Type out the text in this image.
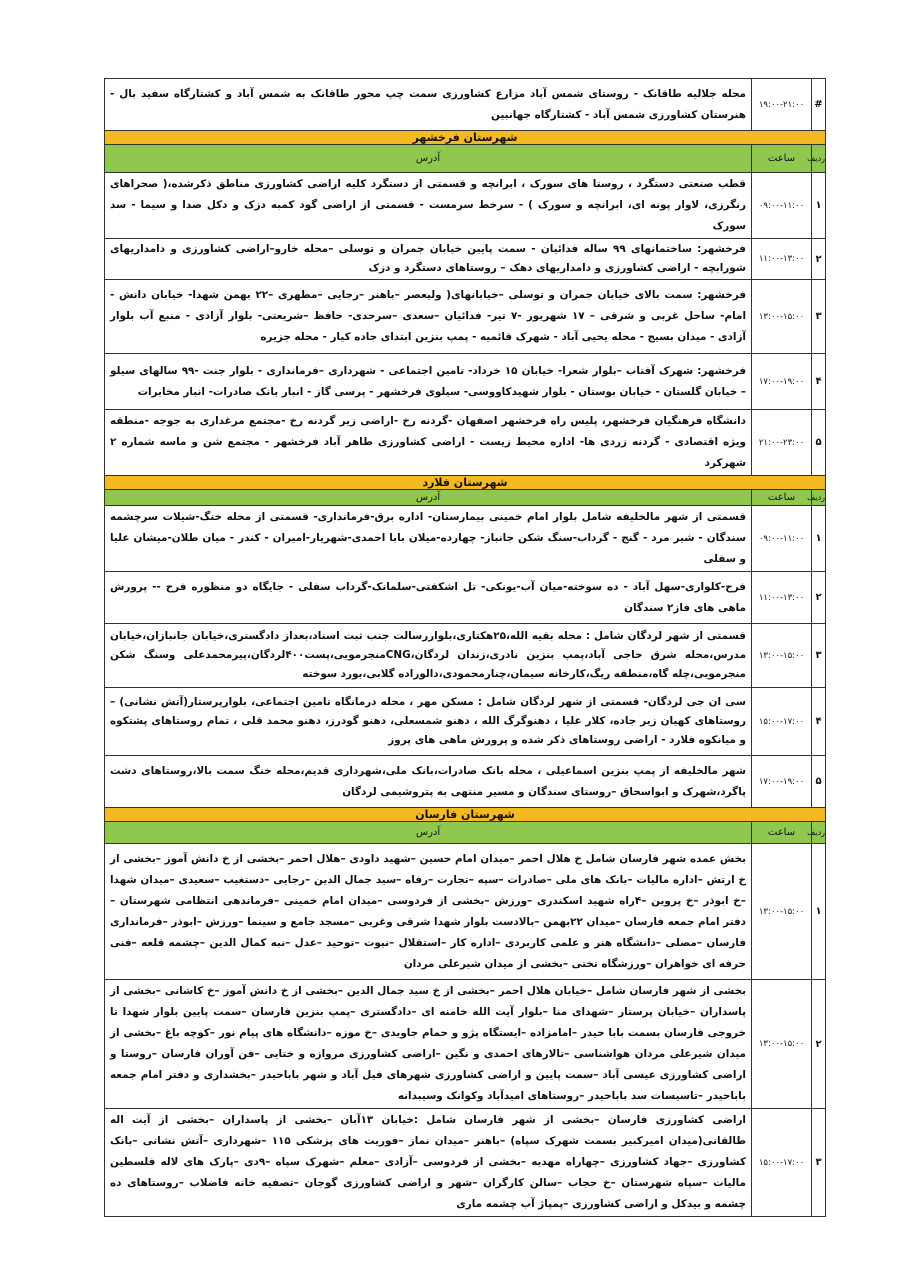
#	۱۹:۰۰-۲۱:۰۰	محله جلالیه طاقانک - روستای شمس آباد مزارع کشاورزی سمت چپ محور طاقانک به شمس آباد و کشتارگاه سفید بال - هنرستان کشاورزی شمس آباد - کشتارگاه جهانبین
شهرستان فرخشهر		
ردیف	ساعت	آدرس
۱	۰۹:۰۰-۱۱:۰۰	قطب صنعتی دستگرد ، روستا های سورک ، ابرانچه و قسمتی از دستگرد کلیه اراضی کشاورزی مناطق ذکرشده،( صحراهای رنگرزی، لاوار پونه ای، ابرانچه و سورک ) - سرخط سرمست - قسمتی از اراضی گود کمبه دزک و دکل صدا و سیما - سد سورک
۲	۱۱:۰۰-۱۳:۰۰	فرخشهر: ساختمانهای ۹۹ ساله فدائیان - سمت پایین خیابان جمران و توسلی –محله خارو–اراضی کشاورزی و دامداریهای شورابچه - اراضی کشاورزی و دامداریهای دهک – روستاهای دستگرد و دزک
۳	۱۳:۰۰-۱۵:۰۰	فرخشهر: سمت بالای خیابان جمران و توسلی –خیابانهای( ولیعصر –باهنر –رجایی –مطهری –۲۲ بهمن شهدا- خیابان دانش - امام- ساحل غربی و شرقی – ۱۷ شهریور -۷ تیر- فدائیان –سعدی –سرحدی- حافظ –شریعتی- بلوار آزادی - منبع آب بلوار آزادی - میدان بسیج - محله یحیی آباد - شهرک قائمیه - پمپ بنزین ابتدای جاده کیار - محله جزیره
۴	۱۷:۰۰-۱۹:۰۰	فرخشهر: شهرک آفتاب –بلوار شعرا- خیابان ۱۵ خرداد- تامین اجتماعی - شهرداری –فرمانداری - بلوار جنت -۹۹ سالهای سیلو – خیابان گلستان - خیابان بوستان - بلوار شهیدکاووسی- سیلوی فرخشهر - پرسی گاز - انبار بانک صادرات- انبار مخابرات
۵	۲۱:۰۰-۲۳:۰۰	دانشگاه فرهنگیان فرخشهر، پلیس راه فرخشهر اصفهان -گردنه رخ -اراضی زیر گردنه رخ -مجتمع مرغداری به جوجه -منطقه ویژه اقتصادی - گردنه زردی ها- اداره محیط زیست - اراضی کشاورزی طاهر آباد فرخشهر - مجتمع شن و ماسه شماره ۲ شهرکرد
شهرستان فلارد		
ردیف	ساعت	آدرس
۱	۰۹:۰۰-۱۱:۰۰	قسمتی از شهر مالخلیفه شامل بلوار امام خمینی بیمارستان- اداره برق-فرمانداری- قسمتی از محله خنگ-شیلات سرچشمه سندگان - شیر مرد - گنج - گرداب-سنگ شکن جانباز- چهارده-میلان بابا احمدی-شهریار-امیران - کندر - میان طلان-میشان علیا و سفلی
۲	۱۱:۰۰-۱۳:۰۰	فرح-کلواری-سهل آباد - ده سوخته-میان آب-یونکی- تل اشکفتی-سلمانک-گرداب سفلی - جایگاه دو منظوره فرح -- پرورش ماهی های فاز۲ سندگان
۳	۱۳:۰۰-۱۵:۰۰	قسمتی از شهر لردگان شامل : محله بقیه الله،۲۵هکتاری،بلواررسالت جنب ثبت اسناد،بعداز دادگستری،خیابان جانبازان،خیابان مدرس،محله شرق حاجی آباد،پمپ بنزین نادری،زندان لردگان،CNGمنجرمویی،پست۴۰۰لردگان،پیرمحمدعلی وسنگ شکن منجرمویی،چله گاه،منطقه ریگ،کارخانه سیمان،چنارمحمودی،دالوراده گلابی،بورد سوخته
۴	۱۵:۰۰-۱۷:۰۰	سی ان جی لردگان- قسمتی از شهر لردگان شامل : مسکن مهر ، محله درمانگاه تامین اجتماعی، بلوارپرستار(آتش نشانی) –روستاهای کهیان زیر جاده، کلار علیا ، دهنوگرگ الله ، دهنو شمسعلی، دهنو گودرز، دهنو محمد قلی ، تمام روستاهای پشتکوه و میانکوه فلارد - اراضی روستاهای ذکر شده و پرورش ماهی های پروز
۵	۱۷:۰۰-۱۹:۰۰	شهر مالخلیفه از پمپ بنزین اسماعیلی ، محله بانک صادرات،بانک ملی،شهرداری قدیم،محله خنگ سمت بالا،روستاهای دشت پاگرد،شهرک و ابواسحاق –روستای سندگان و مسیر منتهی به پتروشیمی لردگان
شهرستان فارسان		
ردیف	ساعت	آدرس
۱	۱۳:۰۰-۱۵:۰۰	بخش عمده شهر فارسان شامل خ هلال احمر –میدان امام حسین –شهید داودی –هلال احمر –بخشی از خ دانش آموز –بخشی از خ ارتش –اداره مالیات –بانک های ملی –صادرات –سپه –تجارت –رفاه –سید جمال الدین –رجایی –دستغیب –سعیدی –میدان شهدا –خ ابوذر –خ پروین –۴راه شهید اسکندری –ورزش –بخشی از فردوسی –میدان امام خمینی –فرماندهی انتظامی شهرستان –دفتر امام جمعه فارسان –میدان ۲۲بهمن –بالادست بلوار شهدا شرقی وغربی –مسجد جامع و سینما –ورزش –ابوذر –فرمانداری فارسان –مصلی –دانشگاه هنر و علمی کاربردی –اداره کار –استقلال –نبوت –توحید –عدل –نبه کمال الدین –چشمه قلعه –فنی حرفه ای خواهران –ورزشگاه تختی –بخشی از میدان شیرعلی مردان
۲	۱۳:۰۰-۱۵:۰۰	بخشی از شهر فارسان شامل –خیابان هلال احمر –بخشی از خ سید جمال الدین –بخشی از خ دانش آموز –خ کاشانی –بخشی از پاسداران –خیابان پرستار –شهدای منا –بلوار آیت الله خامنه ای –دادگستری –پمپ بنزین فارسان –سمت پایین بلوار شهدا تا خروجی فارسان بسمت بابا حیدر –امامزاده –ایستگاه پژو و حمام جاویدی –خ موزه –دانشگاه های پیام نور –کوچه باغ –بخشی از میدان شیرعلی مردان هواشناسی –تالارهای احمدی و نگین –اراضی کشاورزی مروازه و ختایی –فن آوران فارسان –روستا و اراضی کشاورزی عیسی آباد –سمت پایین و اراضی کشاورزی شهرهای فیل آباد و شهر باباحیدر –بخشداری و دفتر امام جمعه باباحیدر –تاسیسات سد باباحیدر –روستاهای امیدآباد وکوانک وسیبدانه
۳	۱۵:۰۰-۱۷:۰۰	اراضی کشاورزی فارسان –بخشی از شهر فارسان شامل :خیابان ۱۳آبان –بخشی از پاسداران –بخشی از آیت اله طالقانی(میدان امیرکبیر بسمت شهرک سپاه) –باهنر –میدان نماز –فوریت های پزشکی ۱۱۵ –شهرداری –آتش نشانی –بانک کشاورزی –جهاد کشاورزی –چهاراه مهدیه –بخشی از فردوسی –آزادی –معلم –شهرک سپاه –۹دی –پارک های لاله فلسطین مالیات –سپاه شهرستان –خ حجاب –سالن کارگران –شهر و اراضی کشاورزی گوجان –تصفیه خانه فاضلاب –روستاهای ده چشمه و بیدکل و اراضی کشاورزی –پمپاژ آب چشمه ماری
